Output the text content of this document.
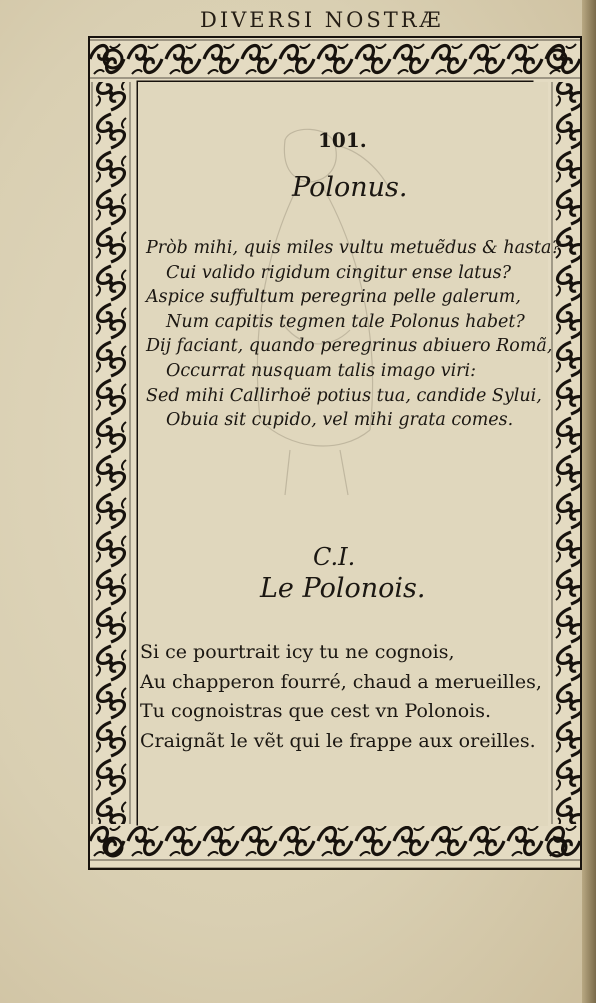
DIVERSI NOSTRÆ
101.
Polonus.
Pròb mihi, quis miles vultu metuẽdus & hasta?
Cui valido rigidum cingitur ense latus?
Aspice suffultum peregrina pelle galerum,
Num capitis tegmen tale Polonus habet?
Dij faciant, quando peregrinus abiuero Romã,
Occurrat nusquam talis imago viri:
Sed mihi Callirhoë potius tua, candide Sylui,
Obuia sit cupido, vel mihi grata comes.
C.I.
Le Polonois.
Si ce pourtrait icy tu ne cognois,
Au chapperon fourré, chaud a merueilles,
Tu cognoistras que cest vn Polonois.
Craignãt le vẽt qui le frappe aux oreilles.
